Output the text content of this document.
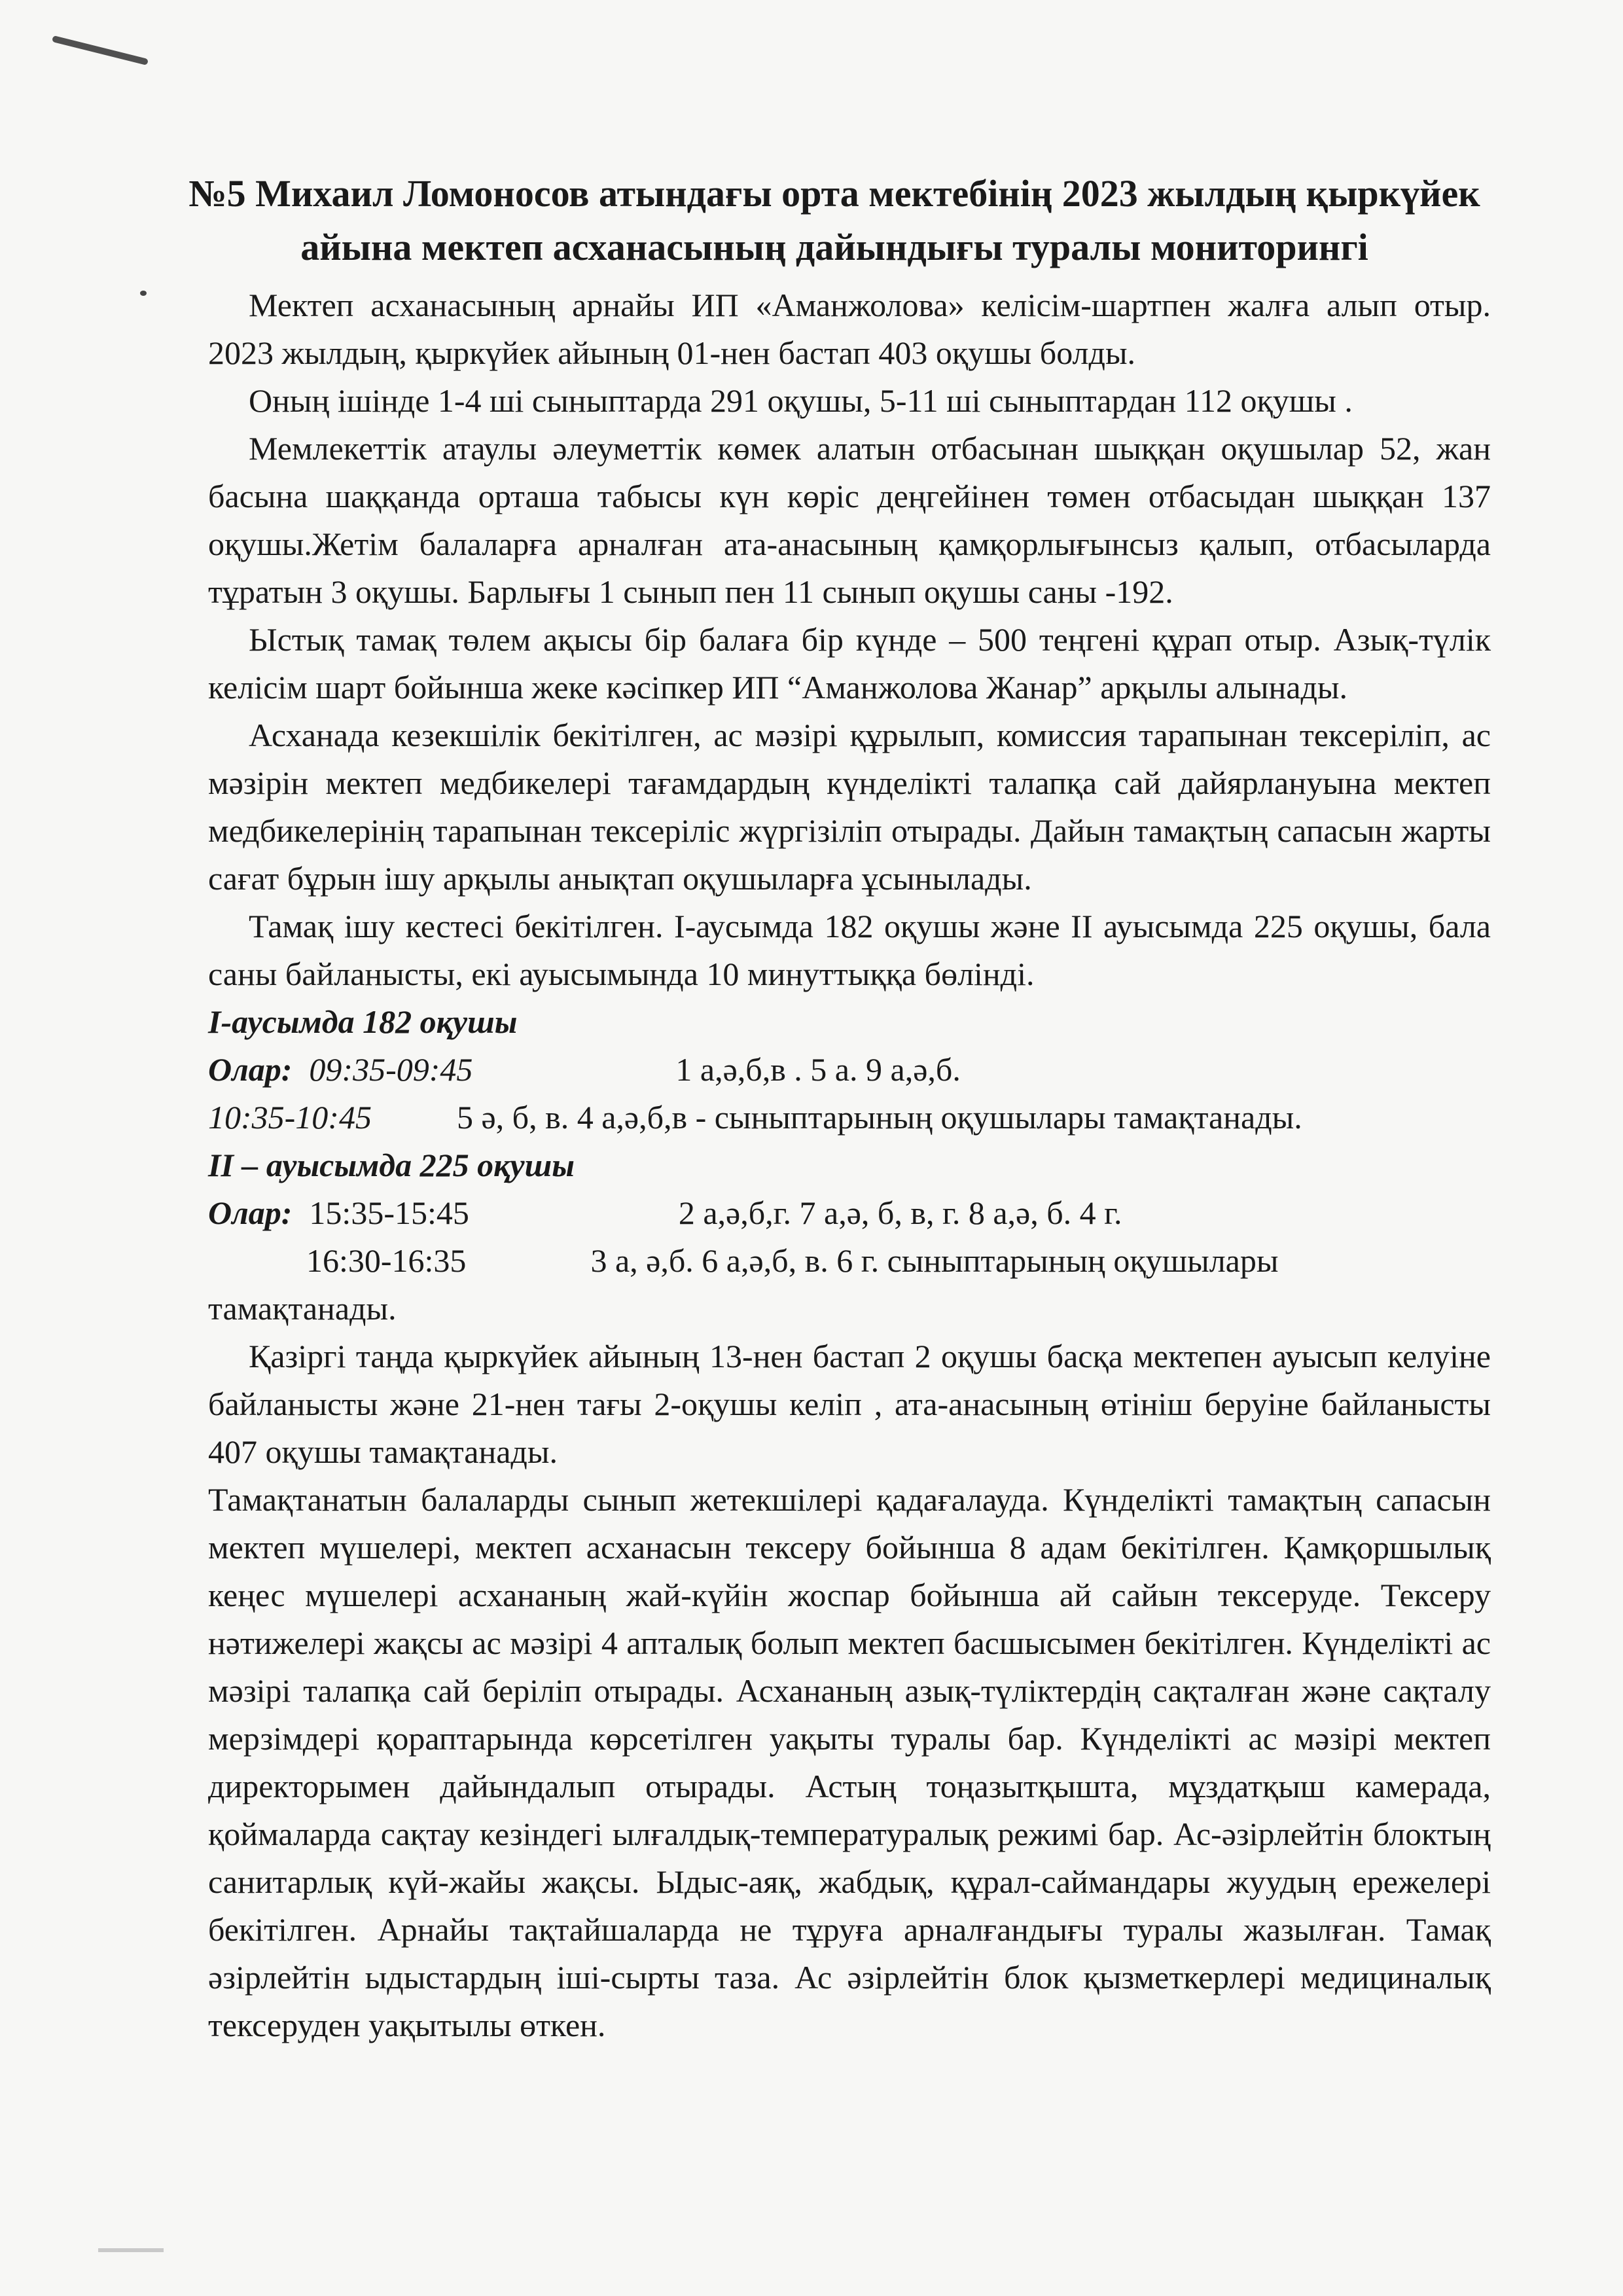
№5 Михаил Ломоносов атындағы орта мектебінің 2023 жылдың қыркүйек
айына мектеп асханасының дайындығы туралы мониторингі

Мектеп асханасының арнайы ИП «Аманжолова» келісім-шартпен жалға алып отыр. 2023 жылдың, қыркүйек айының 01-нен бастап 403 оқушы болды.

Оның ішінде 1-4 ші сыныптарда 291 оқушы, 5-11 ші сыныптардан 112 оқушы .

Мемлекеттік атаулы әлеуметтік көмек алатын отбасынан шыққан оқушылар 52, жан басына шаққанда орташа табысы күн көріс деңгейінен төмен отбасыдан шыққан 137 оқушы.Жетім балаларға арналған ата-анасының қамқорлығынсыз қалып, отбасыларда тұратын 3 оқушы. Барлығы 1 сынып пен 11 сынып оқушы саны -192.

Ыстық тамақ төлем ақысы бір балаға бір күнде – 500 теңгені құрап отыр. Азық-түлік келісім шарт бойынша жеке кәсіпкер ИП “Аманжолова Жанар” арқылы алынады.

Асханада кезекшілік бекітілген, ас мәзірі құрылып, комиссия тарапынан тексеріліп, ас мәзірін мектеп медбикелері тағамдардың күнделікті талапқа сай дайярлануына мектеп медбикелерінің тарапынан тексеріліс жүргізіліп отырады. Дайын тамақтың сапасын жарты сағат бұрын ішу арқылы анықтап оқушыларға ұсынылады.

Тамақ ішу кестесі бекітілген. І-аусымда 182 оқушы және ІІ ауысымда 225 оқушы, бала саны байланысты, екі ауысымында 10 минуттыққа бөлінді.

І-аусымда 182 оқушы

Олар: 09:35-09:45	1 а,ә,б,в . 5 а. 9 а,ә,б.
10:35-10:45	5 ә, б, в. 4 а,ә,б,в - сыныптарының оқушылары тамақтанады.

ІІ – ауысымда 225 оқушы

Олар: 15:35-15:45	2 а,ә,б,г. 7 а,ә, б, в, г. 8 а,ә, б. 4 г.
16:30-16:35	3 а, ә,б. 6 а,ә,б, в. 6 г. сыныптарының оқушылары

тамақтанады.

Қазіргі таңда қыркүйек айының 13-нен бастап 2 оқушы басқа мектепен ауысып келуіне байланысты және 21-нен тағы 2-оқушы келіп , ата-анасының өтініш беруіне байланысты 407 оқушы тамақтанады.

Тамақтанатын балаларды сынып жетекшілері қадағалауда. Күнделікті тамақтың сапасын мектеп мүшелері, мектеп асханасын тексеру бойынша 8 адам бекітілген. Қамқоршылық кеңес мүшелері асхананың жай-күйін жоспар бойынша ай сайын тексеруде. Тексеру нәтижелері жақсы ас мәзірі 4 апталық болып мектеп басшысымен бекітілген. Күнделікті ас мәзірі талапқа сай беріліп отырады. Асхананың азық-түліктердің сақталған және сақталу мерзімдері қораптарында көрсетілген уақыты туралы бар. Күнделікті ас мәзірі мектеп директорымен дайындалып отырады. Астың тоңазытқышта, мұздатқыш камерада, қоймаларда сақтау кезіндегі ылғалдық-температуралық режимі бар. Ас-әзірлейтін блоктың санитарлық күй-жайы жақсы. Ыдыс-аяқ, жабдық, құрал-саймандары жуудың ережелері бекітілген. Арнайы тақтайшаларда не тұруға арналғандығы туралы жазылған. Тамақ әзірлейтін ыдыстардың іші-сырты таза. Ас әзірлейтін блок қызметкерлері медициналық тексеруден уақытылы өткен.
